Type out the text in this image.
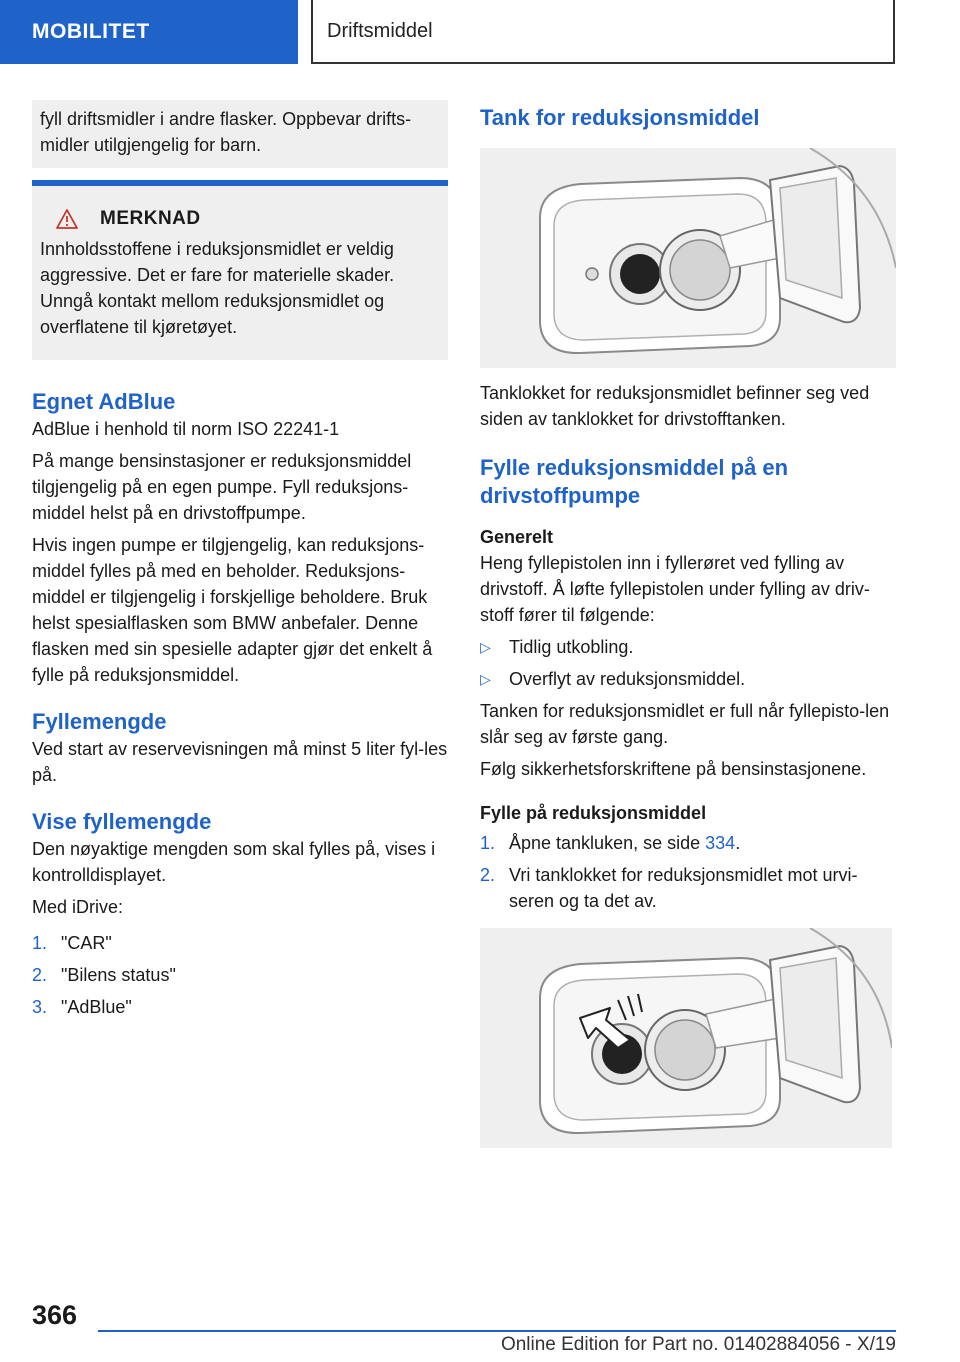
MOBILITET	Driftsmiddel

fyll driftsmidler i andre flasker. Oppbevar drifts-midler utilgjengelig for barn.

MERKNAD

Innholdsstoffene i reduksjonsmidlet er veldig aggressive. Det er fare for materielle skader. Unngå kontakt mellom reduksjonsmidlet og overflatene til kjøretøyet.

Egnet AdBlue

AdBlue i henhold til norm ISO 22241-1

På mange bensinstasjoner er reduksjonsmiddel tilgjengelig på en egen pumpe. Fyll reduksjons-middel helst på en drivstoffpumpe.

Hvis ingen pumpe er tilgjengelig, kan reduksjons-middel fylles på med en beholder. Reduksjons-middel er tilgjengelig i forskjellige beholdere. Bruk helst spesialflasken som BMW anbefaler. Denne flasken med sin spesielle adapter gjør det enkelt å fylle på reduksjonsmiddel.

Fyllemengde

Ved start av reservevisningen må minst 5 liter fyl-les på.

Vise fyllemengde

Den nøyaktige mengden som skal fylles på, vises i kontrolldisplayet.

Med iDrive:

1. "CAR"
2. "Bilens status"
3. "AdBlue"
Tank for reduksjonsmiddel

Tanklokket for reduksjonsmidlet befinner seg ved siden av tanklokket for drivstofftanken.

Fylle reduksjonsmiddel på en drivstoffpumpe
Generelt

Heng fyllepistolen inn i fyllerøret ved fylling av drivstoff. Å løfte fyllepistolen under fylling av driv-stoff fører til følgende:

▷	Tidlig utkobling.
▷	Overflyt av reduksjonsmiddel.

Tanken for reduksjonsmidlet er full når fyllepisto-len slår seg av første gang.

Følg sikkerhetsforskriftene på bensinstasjonene.

Fylle på reduksjonsmiddel
1. Åpne tankluken, se side 334.
2. Vri tanklokket for reduksjonsmidlet mot urvi-seren og ta det av.
366
Online Edition for Part no. 01402884056 - X/19
